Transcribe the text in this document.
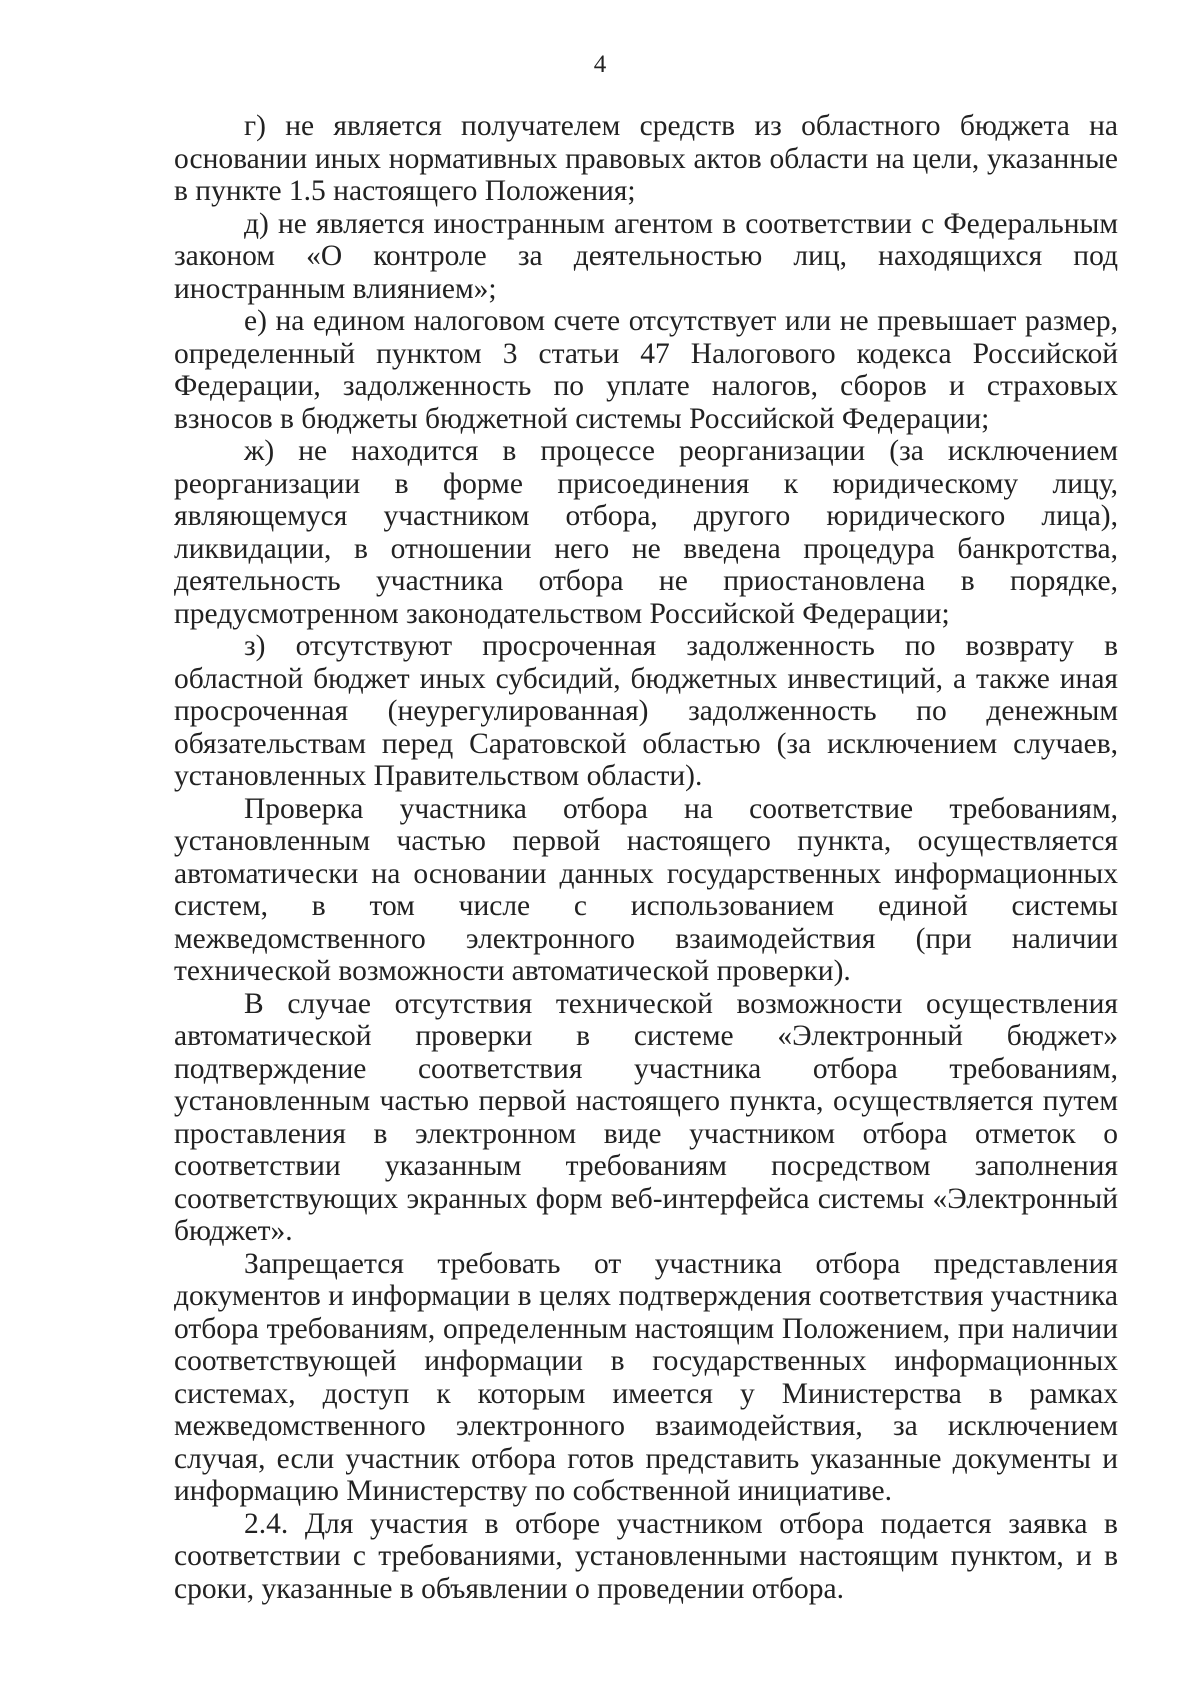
4

г) не является получателем средств из областного бюджета на основании иных нормативных правовых актов области на цели, указанные в пункте 1.5 настоящего Положения;

д) не является иностранным агентом в соответствии с Федеральным законом «О контроле за деятельностью лиц, находящихся под иностранным влиянием»;

е) на едином налоговом счете отсутствует или не превышает размер, определенный пунктом 3 статьи 47 Налогового кодекса Российской Федерации, задолженность по уплате налогов, сборов и страховых взносов в бюджеты бюджетной системы Российской Федерации;

ж) не находится в процессе реорганизации (за исключением реорганизации в форме присоединения к юридическому лицу, являющемуся участником отбора, другого юридического лица), ликвидации, в отношении него не введена процедура банкротства, деятельность участника отбора не приостановлена в порядке, предусмотренном законодательством Российской Федерации;

з) отсутствуют просроченная задолженность по возврату в областной бюджет иных субсидий, бюджетных инвестиций, а также иная просроченная (неурегулированная) задолженность по денежным обязательствам перед Саратовской областью (за исключением случаев, установленных Правительством области).

Проверка участника отбора на соответствие требованиям, установленным частью первой настоящего пункта, осуществляется автоматически на основании данных государственных информационных систем, в том числе с использованием единой системы межведомственного электронного взаимодействия (при наличии технической возможности автоматической проверки).

В случае отсутствия технической возможности осуществления автоматической проверки в системе «Электронный бюджет» подтверждение соответствия участника отбора требованиям, установленным частью первой настоящего пункта, осуществляется путем проставления в электронном виде участником отбора отметок о соответствии указанным требованиям посредством заполнения соответствующих экранных форм веб-интерфейса системы «Электронный бюджет».

Запрещается требовать от участника отбора представления документов и информации в целях подтверждения соответствия участника отбора требованиям, определенным настоящим Положением, при наличии соответствующей информации в государственных информационных системах, доступ к которым имеется у Министерства в рамках межведомственного электронного взаимодействия, за исключением случая, если участник отбора готов представить указанные документы и информацию Министерству по собственной инициативе.

2.4. Для участия в отборе участником отбора подается заявка в соответствии с требованиями, установленными настоящим пунктом, и в сроки, указанные в объявлении о проведении отбора.
